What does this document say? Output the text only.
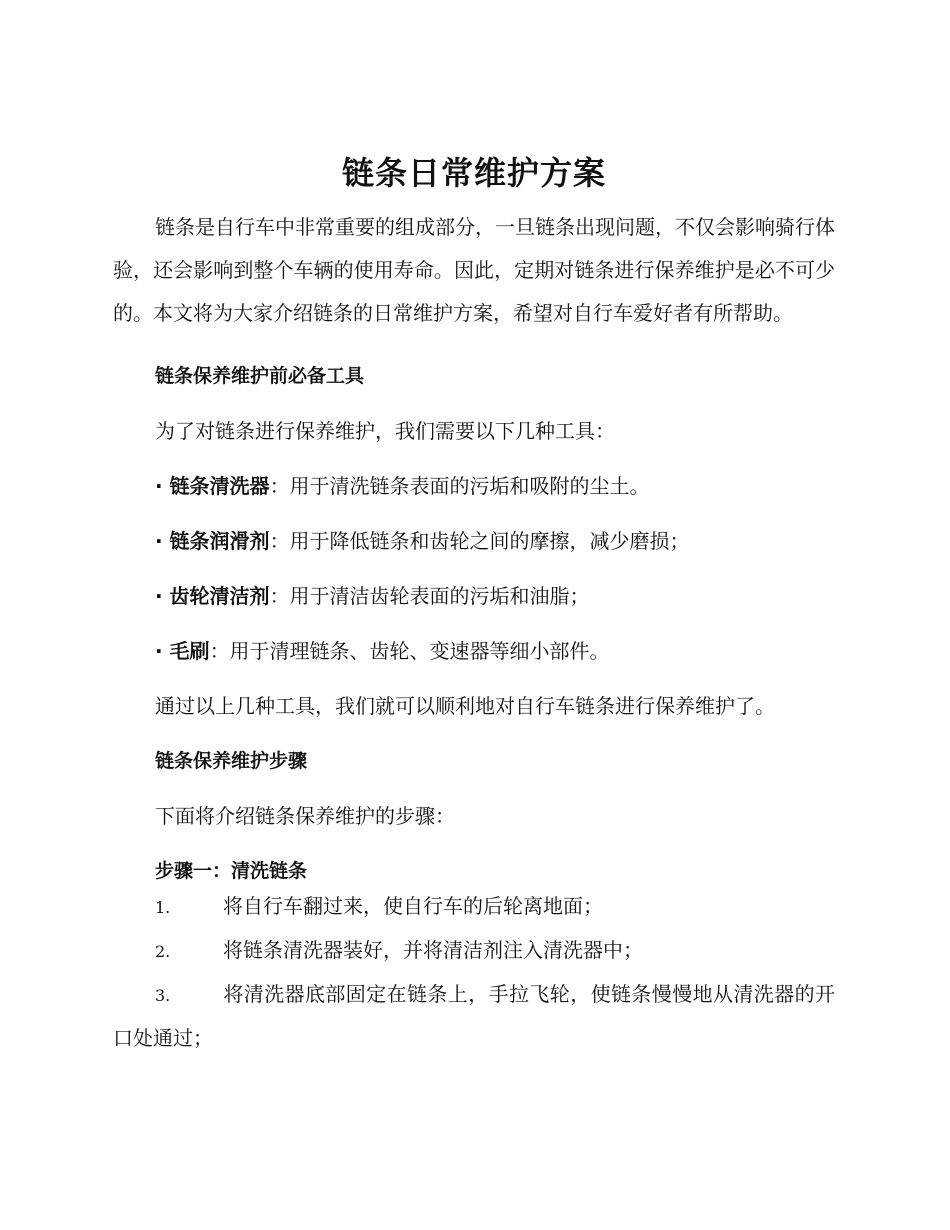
链条日常维护方案

链条是自行车中非常重要的组成部分，一旦链条出现问题，不仅会影响骑行体验，还会影响到整个车辆的使用寿命。因此，定期对链条进行保养维护是必不可少的。本文将为大家介绍链条的日常维护方案，希望对自行车爱好者有所帮助。

链条保养维护前必备工具

为了对链条进行保养维护，我们需要以下几种工具：

· 链条清洗器：用于清洗链条表面的污垢和吸附的尘土。

· 链条润滑剂：用于降低链条和齿轮之间的摩擦，减少磨损；

· 齿轮清洁剂：用于清洁齿轮表面的污垢和油脂；

· 毛刷：用于清理链条、齿轮、变速器等细小部件。

通过以上几种工具，我们就可以顺利地对自行车链条进行保养维护了。

链条保养维护步骤

下面将介绍链条保养维护的步骤：

步骤一：清洗链条

1.	将自行车翻过来，使自行车的后轮离地面；

2.	将链条清洗器装好，并将清洁剂注入清洗器中；

3.	将清洗器底部固定在链条上，手拉飞轮，使链条慢慢地从清洗器的开口处通过；
